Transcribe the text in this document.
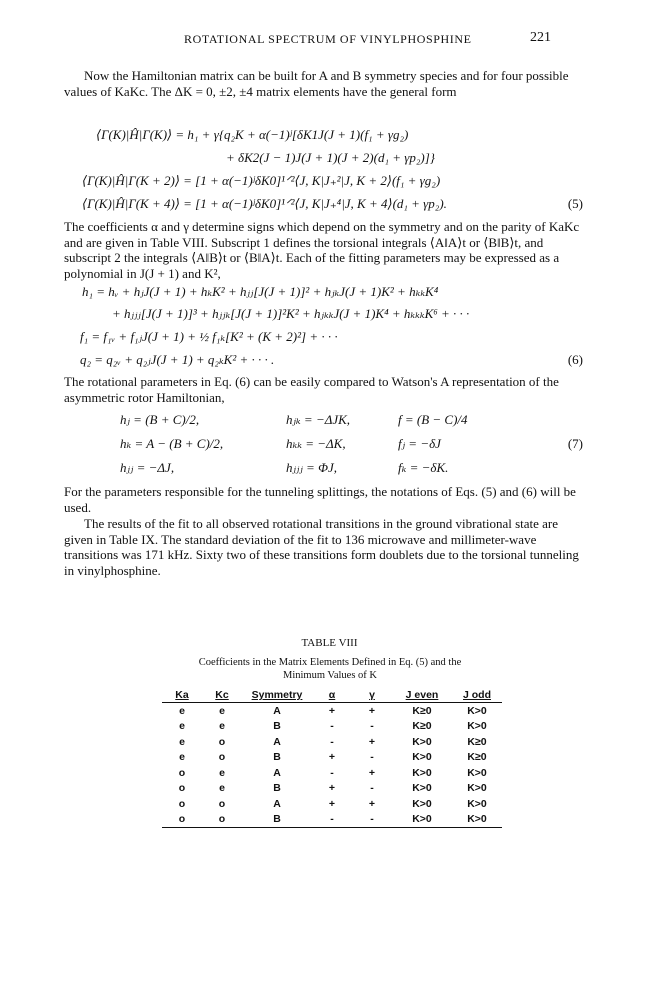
ROTATIONAL SPECTRUM OF VINYLPHOSPHINE	221

Now the Hamiltonian matrix can be built for A and B symmetry species and for four possible values of KaKc. The ΔK = 0, ±2, ±4 matrix elements have the general form

⟨Γ(K)|Ĥ|Γ(K)⟩ = h₁ + γ{q₂K + α(−1)ʲ[δK1J(J + 1)(f₁ + γg₂)
+ δK2(J − 1)J(J + 1)(J + 2)(d₁ + γp₂)]}
⟨Γ(K)|Ĥ|Γ(K + 2)⟩ = [1 + α(−1)ʲδK0]¹ᐟ²⟨J, K|J₊²|J, K + 2⟩(f₁ + γg₂)
⟨Γ(K)|Ĥ|Γ(K + 4)⟩ = [1 + α(−1)ʲδK0]¹ᐟ²⟨J, K|J₊⁴|J, K + 4⟩(d₁ + γp₂).	(5)

The coefficients α and γ determine signs which depend on the symmetry and on the parity of KaKc and are given in Table VIII. Subscript 1 defines the torsional integrals ⟨A‖A⟩t or ⟨B‖B⟩t, and subscript 2 the integrals ⟨A‖B⟩t or ⟨B‖A⟩t. Each of the fitting parameters may be expressed as a polynomial in J(J + 1) and K²,

h₁ = hᵥ + hⱼJ(J + 1) + hₖK² + hⱼⱼ[J(J + 1)]² + hⱼₖJ(J + 1)K² + hₖₖK⁴
+ hⱼⱼⱼ[J(J + 1)]³ + hⱼⱼₖ[J(J + 1)]²K² + hⱼₖₖJ(J + 1)K⁴ + hₖₖₖK⁶ + · · ·
f₁ = f₁ᵥ + f₁ⱼJ(J + 1) + ½ f₁ₖ[K² + (K + 2)²] + · · ·
q₂ = q₂ᵥ + q₂ⱼJ(J + 1) + q₂ₖK² + · · · .	(6)

The rotational parameters in Eq. (6) can be easily compared to Watson's A representation of the asymmetric rotor Hamiltonian,

hⱼ = (B + C)/2,	hⱼₖ = −ΔJK,	f = (B − C)/4
hₖ = A − (B + C)/2,	hₖₖ = −ΔK,	fⱼ = −δJ	(7)
hⱼⱼ = −ΔJ,	hⱼⱼⱼ = ΦJ,	fₖ = −δK.

For the parameters responsible for the tunneling splittings, the notations of Eqs. (5) and (6) will be used.

The results of the fit to all observed rotational transitions in the ground vibrational state are given in Table IX. The standard deviation of the fit to 136 microwave and millimeter-wave transitions was 171 kHz. Sixty two of these transitions form doublets due to the torsional tunneling in vinylphosphine.

TABLE VIII
Coefficients in the Matrix Elements Defined in Eq. (5) and the
Minimum Values of K
Ka	Kc	Symmetry	α	γ	J even	J odd
e	e	A	+	+	K≥0	K>0
e	e	B	-	-	K≥0	K>0
e	o	A	-	+	K>0	K≥0
e	o	B	+	-	K>0	K≥0
o	e	A	-	+	K>0	K>0
o	e	B	+	-	K>0	K>0
o	o	A	+	+	K>0	K>0
o	o	B	-	-	K>0	K>0
